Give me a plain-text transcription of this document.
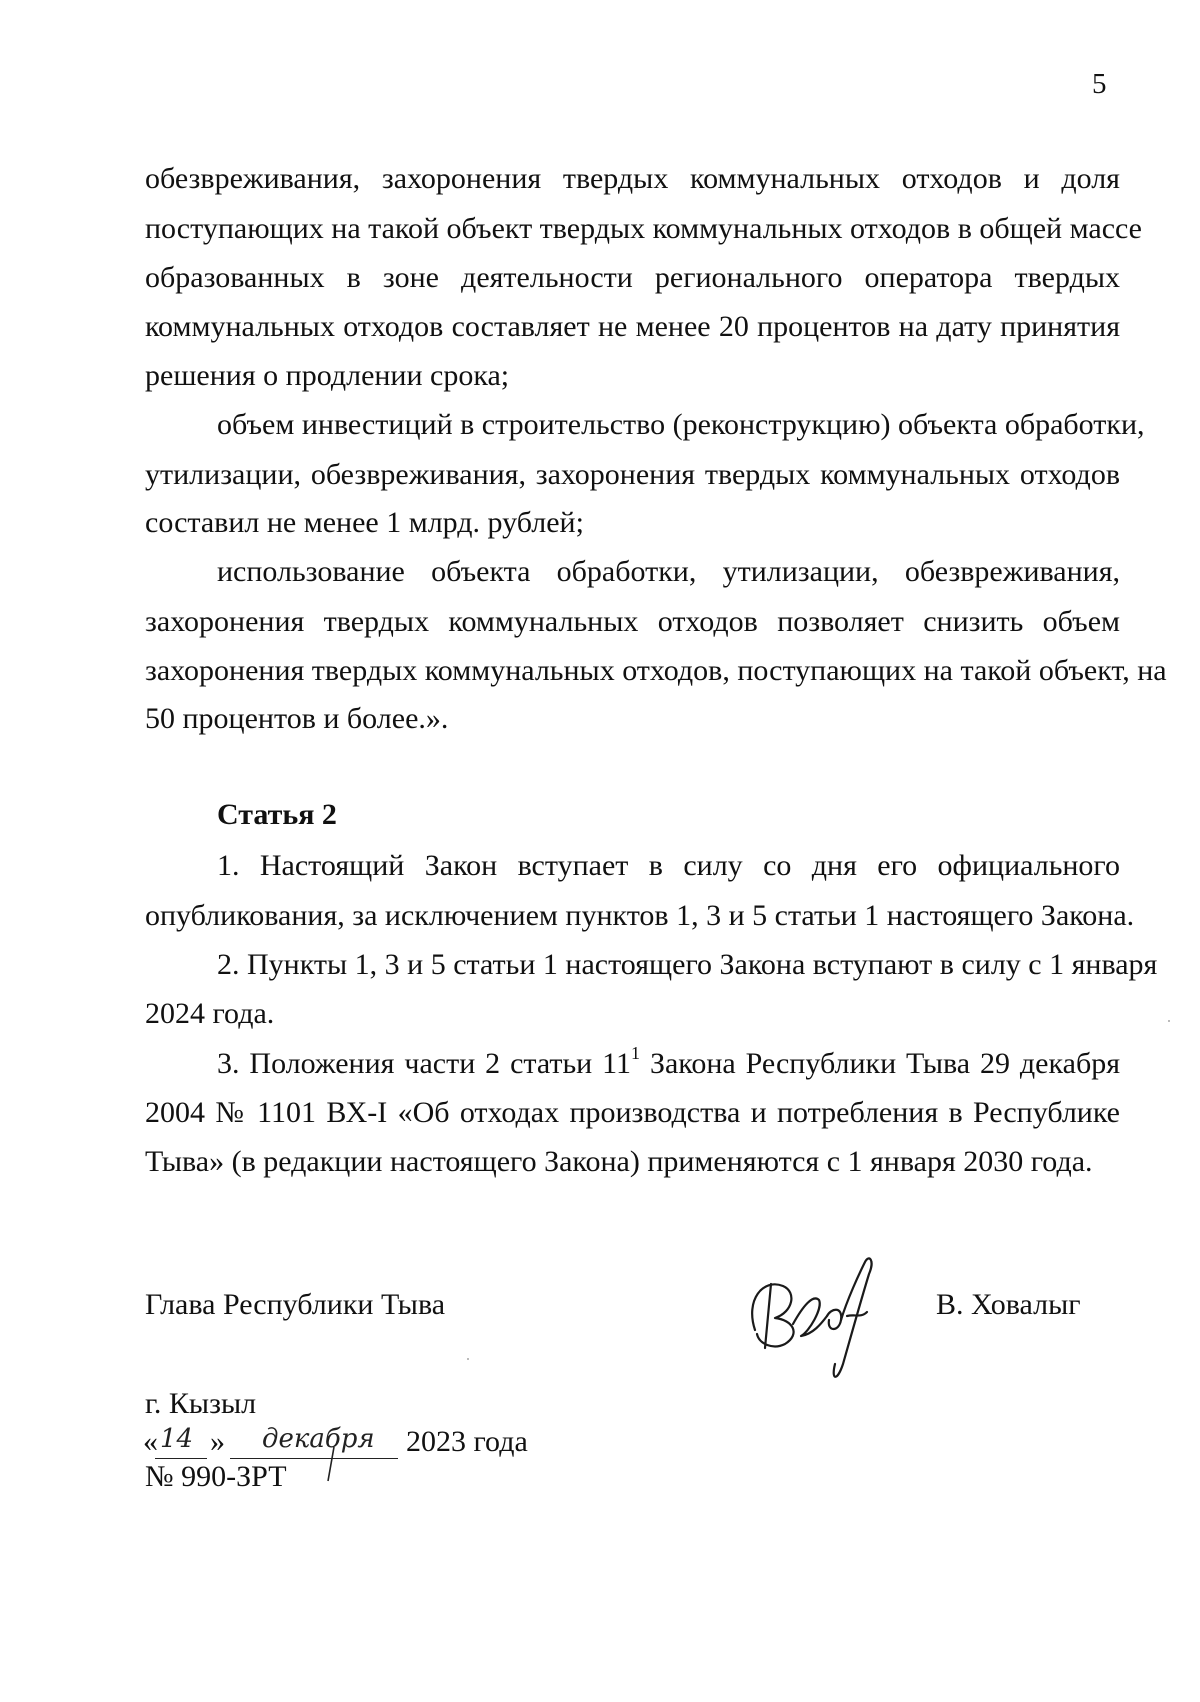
5
обезвреживания, захоронения твердых коммунальных отходов и доля
поступающих на такой объект твердых коммунальных отходов в общей массе
образованных в зоне деятельности регионального оператора твердых
коммунальных отходов составляет не менее 20 процентов на дату принятия
решения о продлении срока;
объем инвестиций в строительство (реконструкцию) объекта обработки,
утилизации, обезвреживания, захоронения твердых коммунальных отходов
составил не менее 1 млрд. рублей;
использование объекта обработки, утилизации, обезвреживания,
захоронения твердых коммунальных отходов позволяет снизить объем
захоронения твердых коммунальных отходов, поступающих на такой объект, на
50 процентов и более.».
Статья 2
1. Настоящий Закон вступает в силу со дня его официального
опубликования, за исключением пунктов 1, 3 и 5 статьи 1 настоящего Закона.
2. Пункты 1, 3 и 5 статьи 1 настоящего Закона вступают в силу с 1 января
2024 года.
3. Положения части 2 статьи $11^1$ Закона Республики Тыва 29 декабря
2004 № 1101 ВХ-I «Об отходах производства и потребления в Республике
Тыва» (в редакции настоящего Закона) применяются с 1 января 2030 года.
Глава Республики Тыва	В. Ховалыг
г. Кызыл
« 14 » декабря 2023 года
№ 990-ЗРТ
